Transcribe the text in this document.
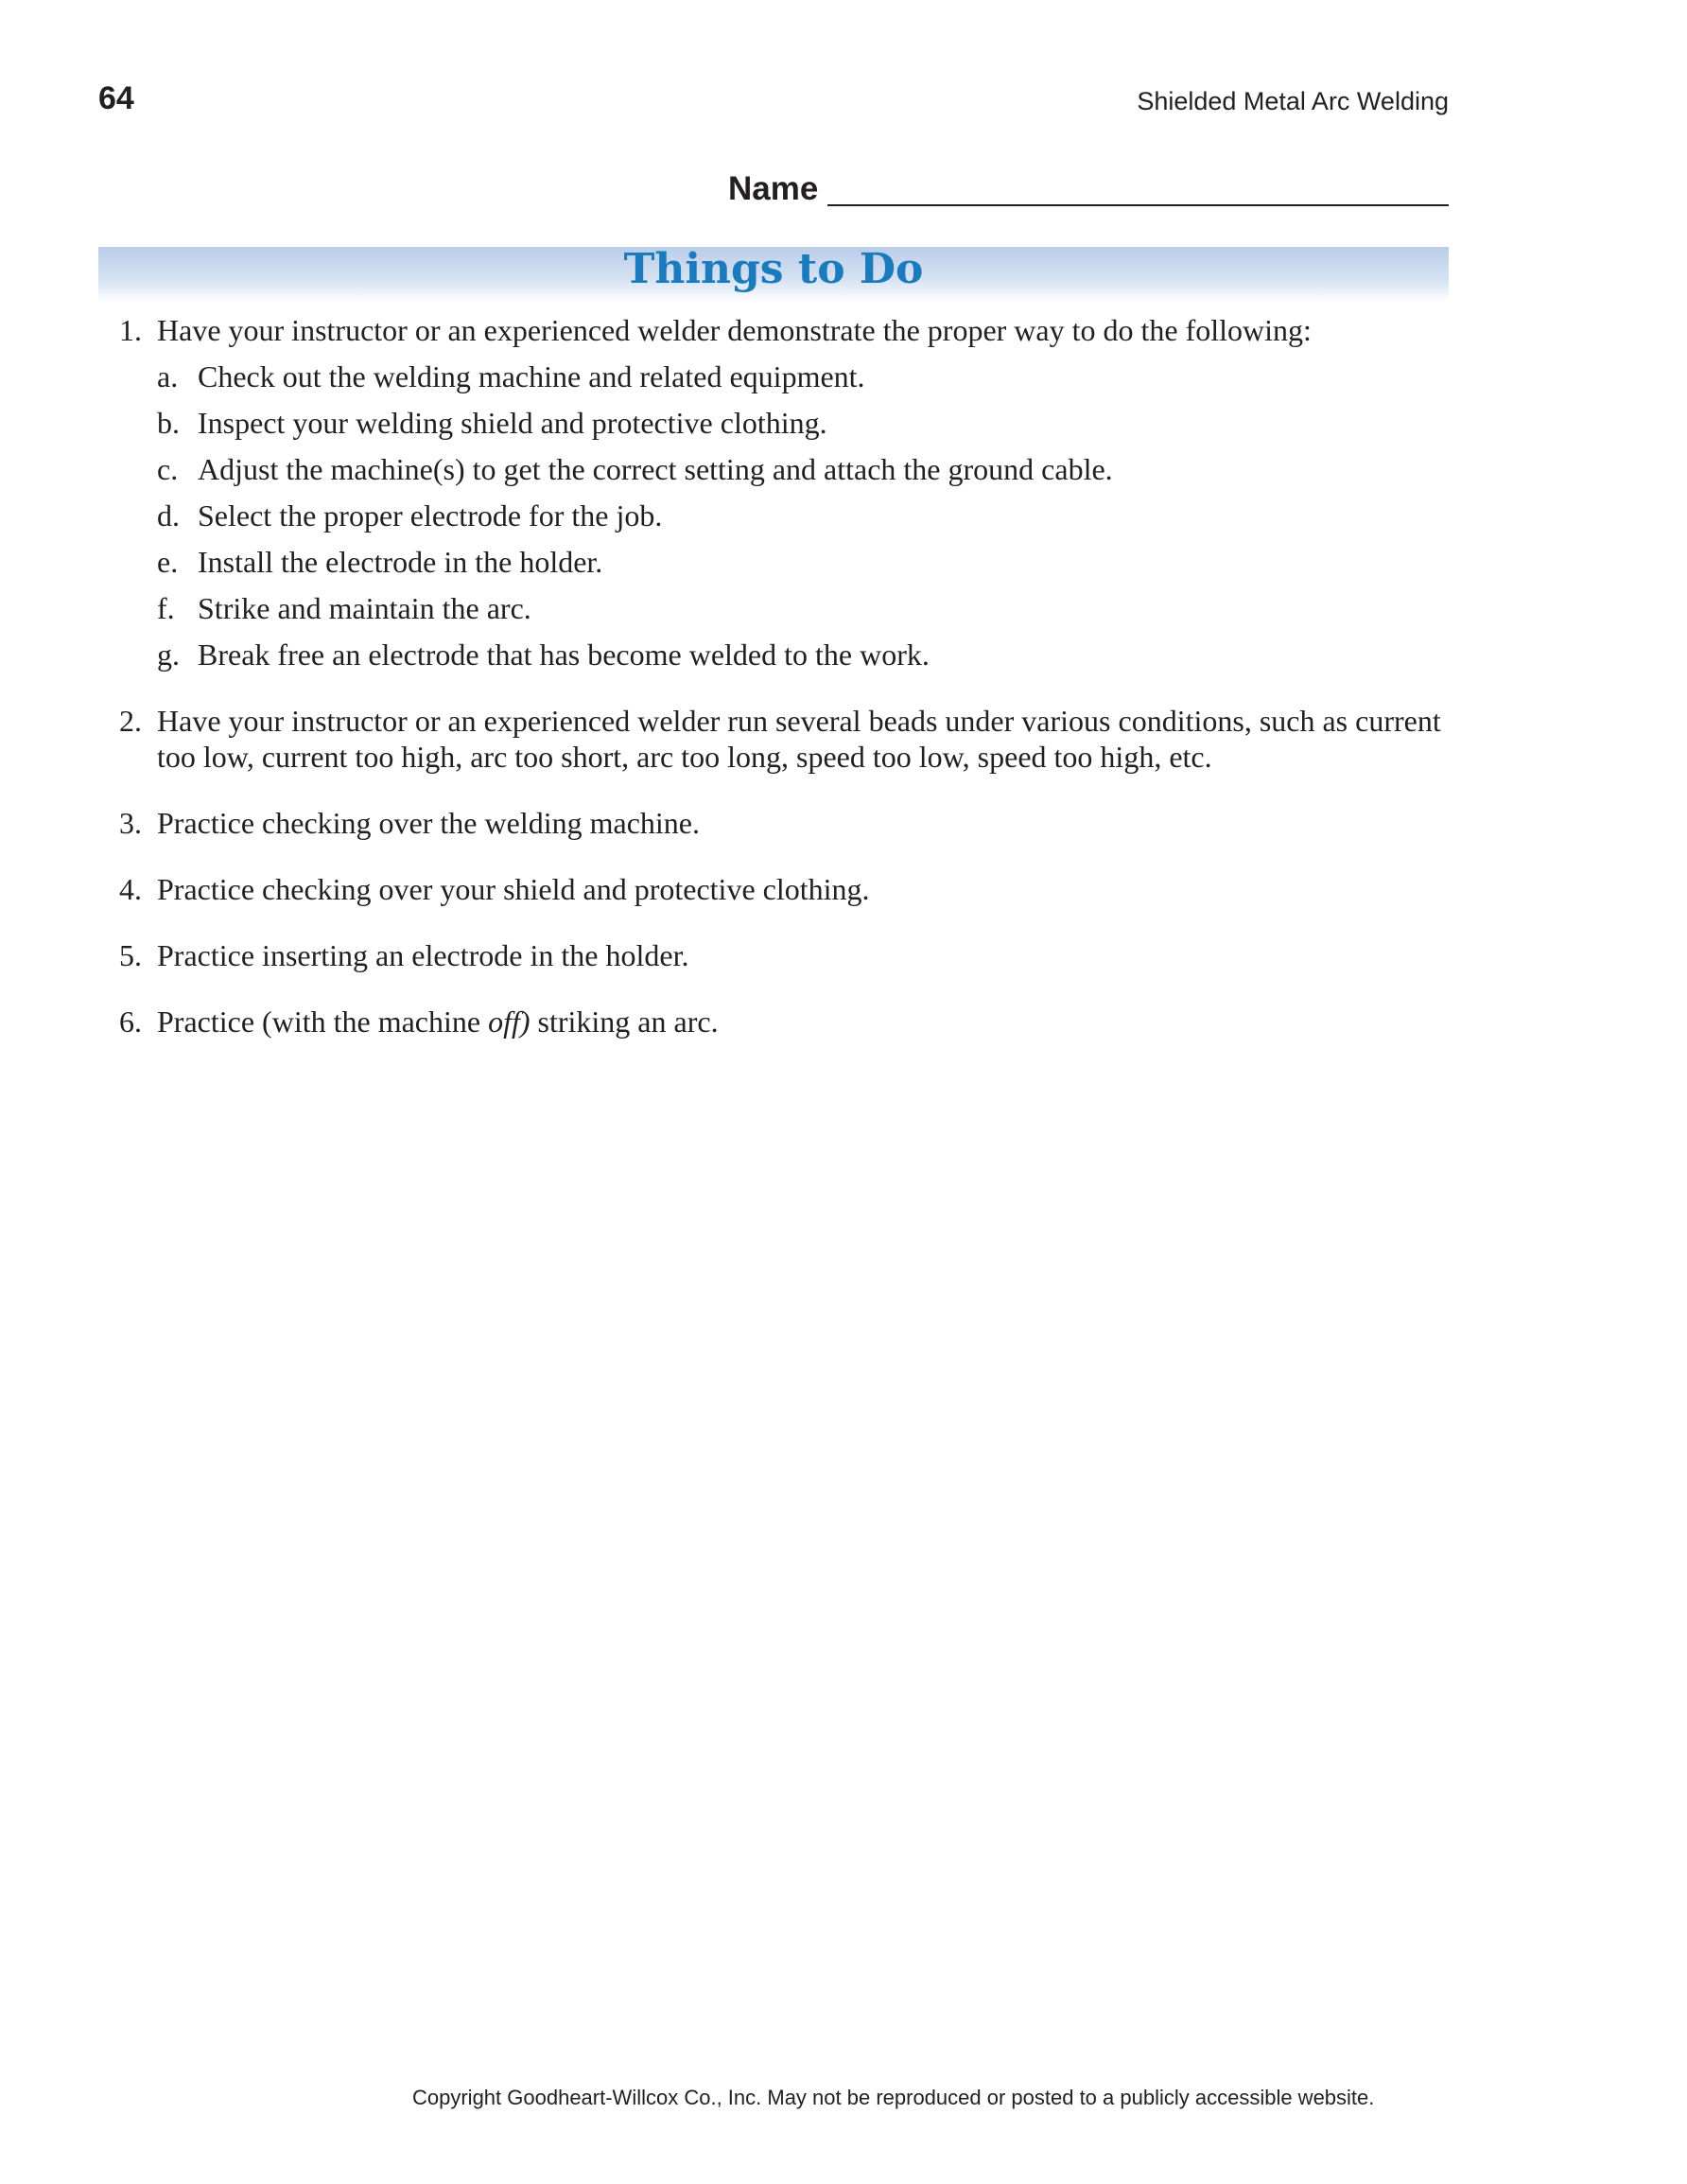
64	Shielded Metal Arc Welding
Name
Things to Do
1. Have your instructor or an experienced welder demonstrate the proper way to do the following:
a. Check out the welding machine and related equipment.
b. Inspect your welding shield and protective clothing.
c. Adjust the machine(s) to get the correct setting and attach the ground cable.
d. Select the proper electrode for the job.
e. Install the electrode in the holder.
f. Strike and maintain the arc.
g. Break free an electrode that has become welded to the work.
2. Have your instructor or an experienced welder run several beads under various conditions, such as current too low, current too high, arc too short, arc too long, speed too low, speed too high, etc.
3. Practice checking over the welding machine.
4. Practice checking over your shield and protective clothing.
5. Practice inserting an electrode in the holder.
6. Practice (with the machine off) striking an arc.
Copyright Goodheart-Willcox Co., Inc. May not be reproduced or posted to a publicly accessible website.
